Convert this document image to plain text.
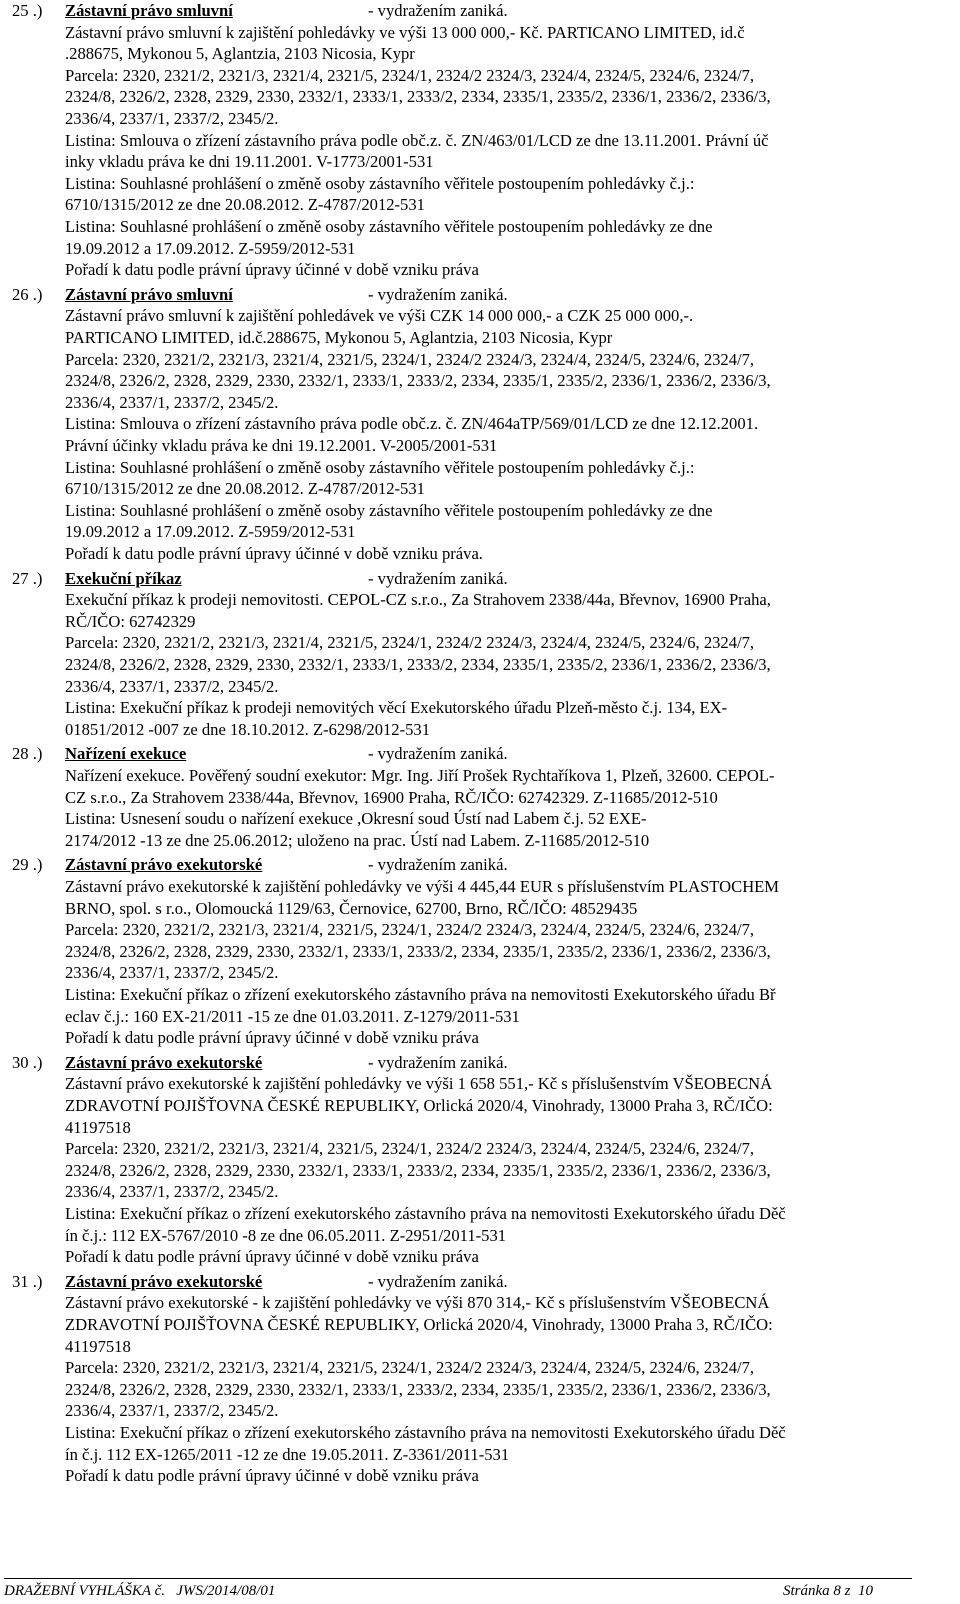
25 .) Zástavní právo smluvní	- vydražením zaniká.
Zástavní právo smluvní k zajištění pohledávky ve výši 13 000 000,- Kč. PARTICANO LIMITED, id.č
.288675, Mykonou 5, Aglantzia, 2103 Nicosia, Kypr
Parcela: 2320, 2321/2, 2321/3, 2321/4, 2321/5, 2324/1, 2324/2 2324/3, 2324/4, 2324/5, 2324/6, 2324/7,
2324/8, 2326/2, 2328, 2329, 2330, 2332/1, 2333/1, 2333/2, 2334, 2335/1, 2335/2, 2336/1, 2336/2, 2336/3,
2336/4, 2337/1, 2337/2, 2345/2.
Listina: Smlouva o zřízení zástavního práva podle obč.z. č. ZN/463/01/LCD ze dne 13.11.2001. Právní úč
inky vkladu práva ke dni 19.11.2001. V-1773/2001-531
Listina: Souhlasné prohlášení o změně osoby zástavního věřitele postoupením pohledávky č.j.:
6710/1315/2012 ze dne 20.08.2012. Z-4787/2012-531
Listina: Souhlasné prohlášení o změně osoby zástavního věřitele postoupením pohledávky ze dne
19.09.2012 a 17.09.2012. Z-5959/2012-531
Pořadí k datu podle právní úpravy účinné v době vzniku práva
26 .) Zástavní právo smluvní	- vydražením zaniká.
Zástavní právo smluvní k zajištění pohledávek ve výši CZK 14 000 000,- a CZK 25 000 000,-.
PARTICANO LIMITED, id.č.288675, Mykonou 5, Aglantzia, 2103 Nicosia, Kypr
Parcela: 2320, 2321/2, 2321/3, 2321/4, 2321/5, 2324/1, 2324/2 2324/3, 2324/4, 2324/5, 2324/6, 2324/7,
2324/8, 2326/2, 2328, 2329, 2330, 2332/1, 2333/1, 2333/2, 2334, 2335/1, 2335/2, 2336/1, 2336/2, 2336/3,
2336/4, 2337/1, 2337/2, 2345/2.
Listina: Smlouva o zřízení zástavního práva podle obč.z. č. ZN/464aTP/569/01/LCD ze dne 12.12.2001.
Právní účinky vkladu práva ke dni 19.12.2001. V-2005/2001-531
Listina: Souhlasné prohlášení o změně osoby zástavního věřitele postoupením pohledávky č.j.:
6710/1315/2012 ze dne 20.08.2012. Z-4787/2012-531
Listina: Souhlasné prohlášení o změně osoby zástavního věřitele postoupením pohledávky ze dne
19.09.2012 a 17.09.2012. Z-5959/2012-531
Pořadí k datu podle právní úpravy účinné v době vzniku práva.
27 .) Exekuční příkaz	- vydražením zaniká.
Exekuční příkaz k prodeji nemovitosti. CEPOL-CZ s.r.o., Za Strahovem 2338/44a, Břevnov, 16900 Praha,
RČ/IČO: 62742329
Parcela: 2320, 2321/2, 2321/3, 2321/4, 2321/5, 2324/1, 2324/2 2324/3, 2324/4, 2324/5, 2324/6, 2324/7,
2324/8, 2326/2, 2328, 2329, 2330, 2332/1, 2333/1, 2333/2, 2334, 2335/1, 2335/2, 2336/1, 2336/2, 2336/3,
2336/4, 2337/1, 2337/2, 2345/2.
Listina: Exekuční příkaz k prodeji nemovitých věcí Exekutorského úřadu Plzeň-město č.j. 134, EX-
01851/2012 -007 ze dne 18.10.2012. Z-6298/2012-531
28 .) Nařízení exekuce	- vydražením zaniká.
Nařízení exekuce. Pověřený soudní exekutor: Mgr. Ing. Jiří Prošek Rychtaříkova 1, Plzeň, 32600. CEPOL-
CZ s.r.o., Za Strahovem 2338/44a, Břevnov, 16900 Praha, RČ/IČO: 62742329. Z-11685/2012-510
Listina: Usnesení soudu o nařízení exekuce ,Okresní soud Ústí nad Labem č.j. 52 EXE-
2174/2012 -13 ze dne 25.06.2012; uloženo na prac. Ústí nad Labem. Z-11685/2012-510
29 .) Zástavní právo exekutorské	- vydražením zaniká.
Zástavní právo exekutorské k zajištění pohledávky ve výši 4 445,44 EUR s příslušenstvím PLASTOCHEM
BRNO, spol. s r.o., Olomoucká 1129/63, Černovice, 62700, Brno, RČ/IČO: 48529435
Parcela: 2320, 2321/2, 2321/3, 2321/4, 2321/5, 2324/1, 2324/2 2324/3, 2324/4, 2324/5, 2324/6, 2324/7,
2324/8, 2326/2, 2328, 2329, 2330, 2332/1, 2333/1, 2333/2, 2334, 2335/1, 2335/2, 2336/1, 2336/2, 2336/3,
2336/4, 2337/1, 2337/2, 2345/2.
Listina: Exekuční příkaz o zřízení exekutorského zástavního práva na nemovitosti Exekutorského úřadu Bř
eclav č.j.: 160 EX-21/2011 -15 ze dne 01.03.2011. Z-1279/2011-531
Pořadí k datu podle právní úpravy účinné v době vzniku práva
30 .) Zástavní právo exekutorské	- vydražením zaniká.
Zástavní právo exekutorské k zajištění pohledávky ve výši 1 658 551,- Kč s příslušenstvím VŠEOBECNÁ
ZDRAVOTNÍ POJIŠŤOVNA ČESKÉ REPUBLIKY, Orlická 2020/4, Vinohrady, 13000 Praha 3, RČ/IČO:
41197518
Parcela: 2320, 2321/2, 2321/3, 2321/4, 2321/5, 2324/1, 2324/2 2324/3, 2324/4, 2324/5, 2324/6, 2324/7,
2324/8, 2326/2, 2328, 2329, 2330, 2332/1, 2333/1, 2333/2, 2334, 2335/1, 2335/2, 2336/1, 2336/2, 2336/3,
2336/4, 2337/1, 2337/2, 2345/2.
Listina: Exekuční příkaz o zřízení exekutorského zástavního práva na nemovitosti Exekutorského úřadu Děč
ín č.j.: 112 EX-5767/2010 -8 ze dne 06.05.2011. Z-2951/2011-531
Pořadí k datu podle právní úpravy účinné v době vzniku práva
31 .) Zástavní právo exekutorské	- vydražením zaniká.
Zástavní právo exekutorské - k zajištění pohledávky ve výši 870 314,- Kč s příslušenstvím VŠEOBECNÁ
ZDRAVOTNÍ POJIŠŤOVNA ČESKÉ REPUBLIKY, Orlická 2020/4, Vinohrady, 13000 Praha 3, RČ/IČO:
41197518
Parcela: 2320, 2321/2, 2321/3, 2321/4, 2321/5, 2324/1, 2324/2 2324/3, 2324/4, 2324/5, 2324/6, 2324/7,
2324/8, 2326/2, 2328, 2329, 2330, 2332/1, 2333/1, 2333/2, 2334, 2335/1, 2335/2, 2336/1, 2336/2, 2336/3,
2336/4, 2337/1, 2337/2, 2345/2.
Listina: Exekuční příkaz o zřízení exekutorského zástavního práva na nemovitosti Exekutorského úřadu Děč
ín č.j. 112 EX-1265/2011 -12 ze dne 19.05.2011. Z-3361/2011-531
Pořadí k datu podle právní úpravy účinné v době vzniku práva
DRAŽEBNÍ VYHLÁŠKA č.   JWS/2014/08/01	Stránka 8 z  10
